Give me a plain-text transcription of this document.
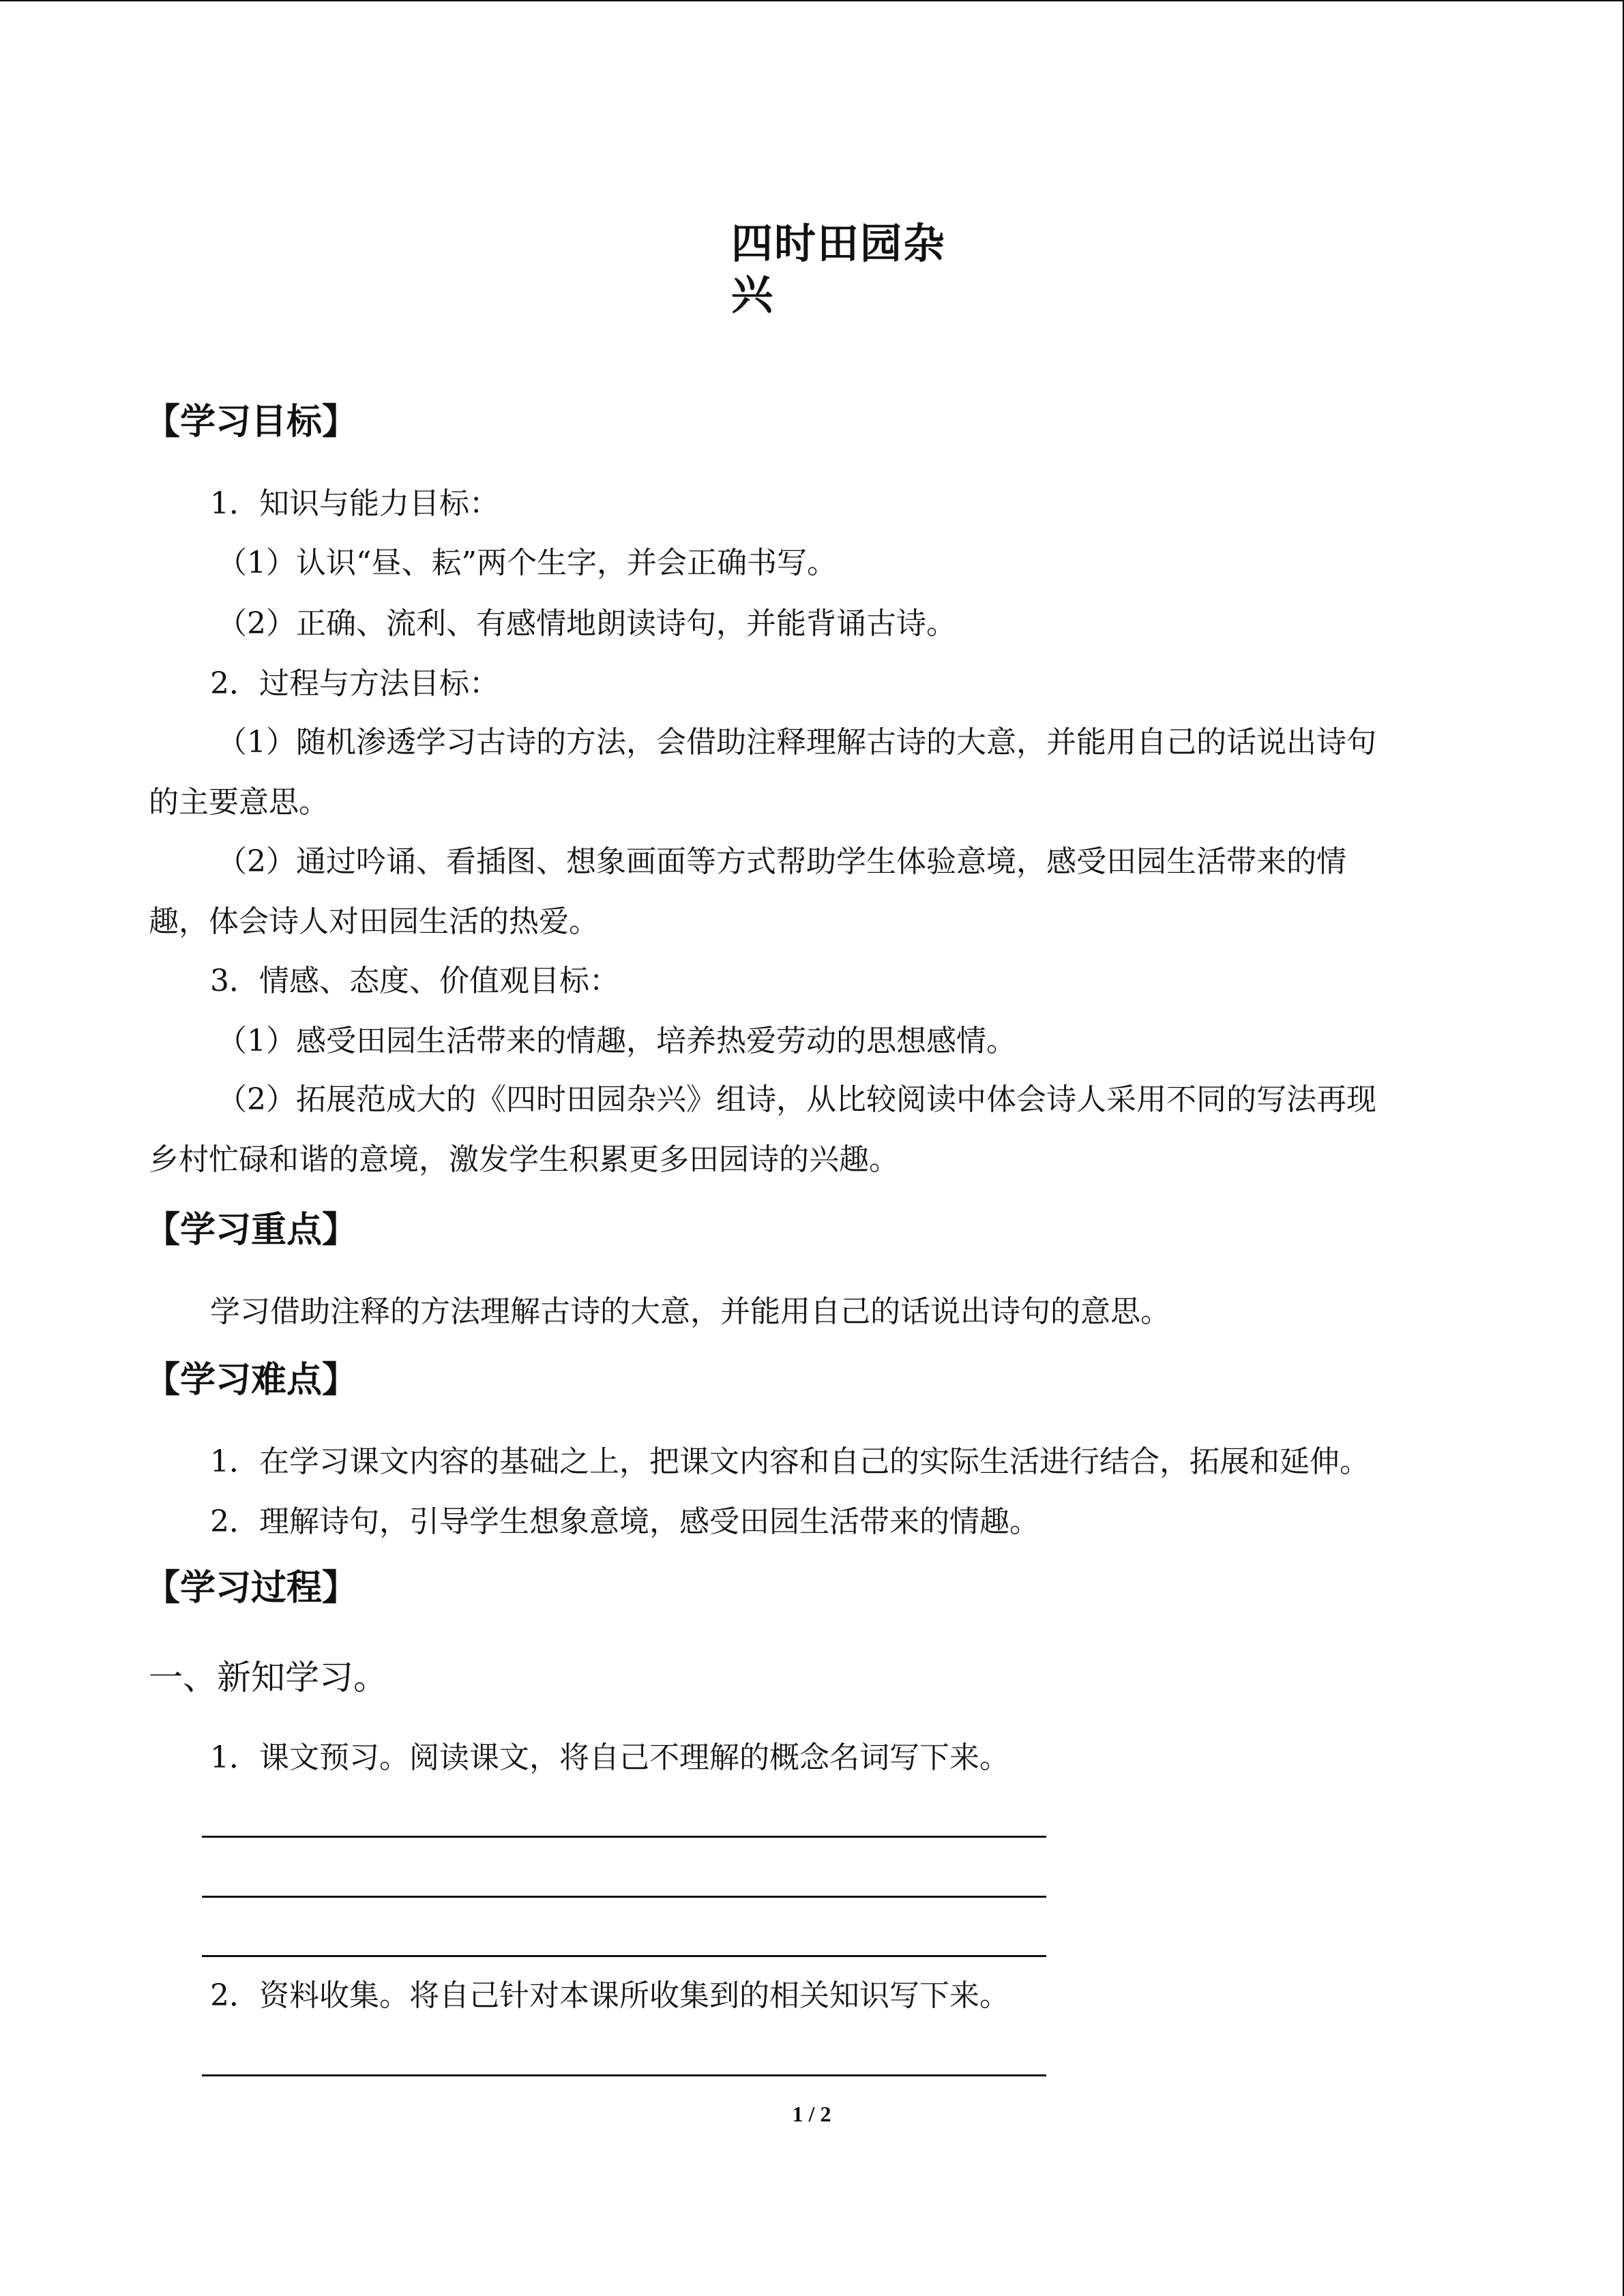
四时田园杂兴
【学习目标】
1．知识与能力目标：
（1）认识“昼、耘”两个生字，并会正确书写。
（2）正确、流利、有感情地朗读诗句，并能背诵古诗。
2．过程与方法目标：
（1）随机渗透学习古诗的方法，会借助注释理解古诗的大意，并能用自己的话说出诗句
的主要意思。
（2）通过吟诵、看插图、想象画面等方式帮助学生体验意境，感受田园生活带来的情
趣，体会诗人对田园生活的热爱。
3．情感、态度、价值观目标：
（1）感受田园生活带来的情趣，培养热爱劳动的思想感情。
（2）拓展范成大的《四时田园杂兴》组诗，从比较阅读中体会诗人采用不同的写法再现
乡村忙碌和谐的意境，激发学生积累更多田园诗的兴趣。
【学习重点】
学习借助注释的方法理解古诗的大意，并能用自己的话说出诗句的意思。
【学习难点】
1．在学习课文内容的基础之上，把课文内容和自己的实际生活进行结合，拓展和延伸。
2．理解诗句，引导学生想象意境，感受田园生活带来的情趣。
【学习过程】
一、新知学习。
1．课文预习。阅读课文，将自己不理解的概念名词写下来。
2．资料收集。将自己针对本课所收集到的相关知识写下来。
1 / 2
